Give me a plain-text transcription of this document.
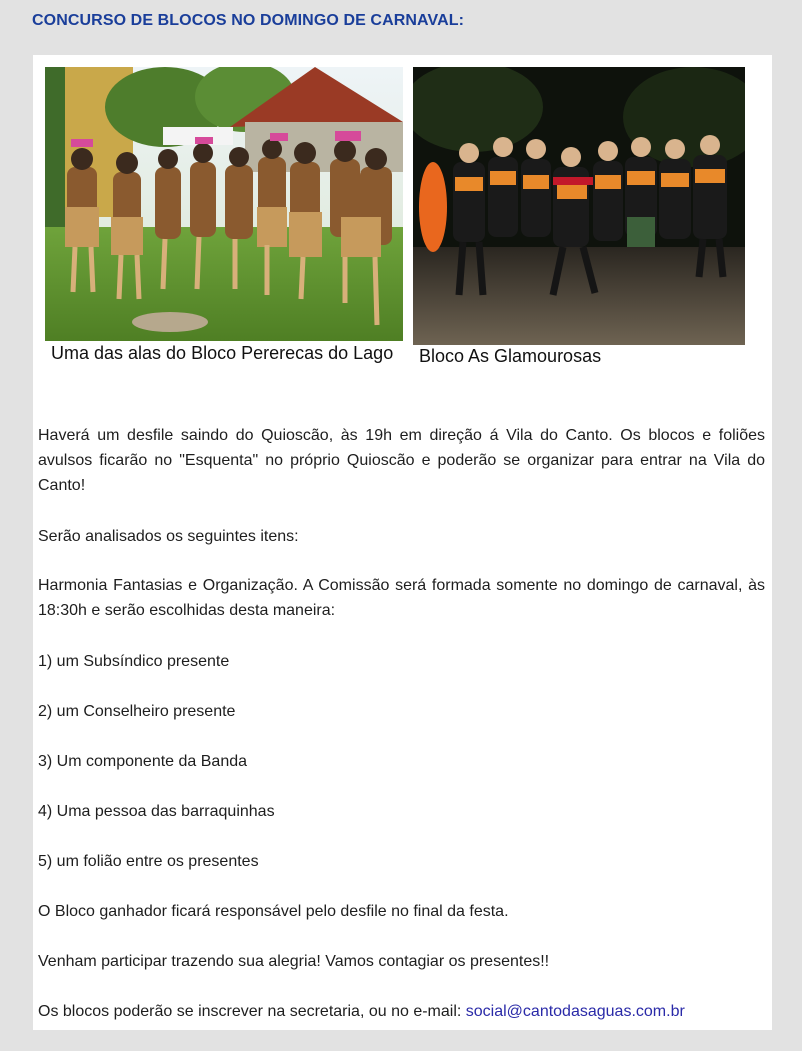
CONCURSO DE BLOCOS NO DOMINGO DE CARNAVAL:
Uma das alas do Bloco Pererecas do Lago	Bloco As Glamourosas
Haverá um desfile saindo do Quioscão, às 19h em direção á Vila do Canto. Os blocos e foliões avulsos ficarão no "Esquenta" no próprio Quioscão e poderão se organizar para entrar na Vila do Canto!
Serão analisados os seguintes itens:
Harmonia Fantasias e Organização. A Comissão será formada somente no domingo de carnaval, às 18:30h e serão escolhidas desta maneira:
1) um Subsíndico presente
2) um Conselheiro presente
3) Um componente da Banda
4) Uma pessoa das barraquinhas
5) um folião entre os presentes
O Bloco ganhador ficará responsável pelo desfile no final da festa.
Venham participar trazendo sua alegria! Vamos contagiar os presentes!!
Os blocos poderão se inscrever na secretaria, ou no e-mail: social@cantodasaguas.com.br
